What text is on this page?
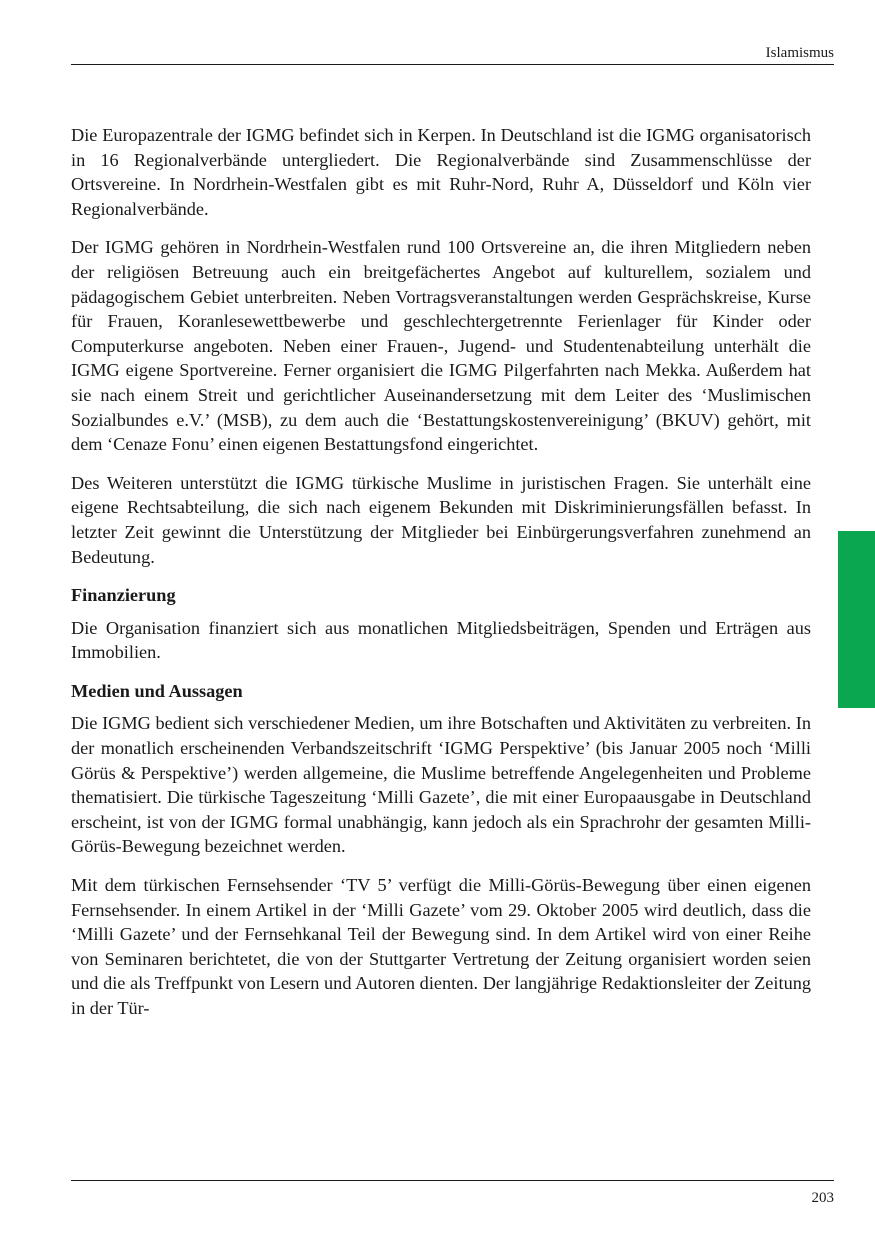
Islamismus

Die Europazentrale der IGMG befindet sich in Kerpen. In Deutschland ist die IGMG organisatorisch in 16 Regionalverbände untergliedert. Die Regionalverbände sind Zusammenschlüsse der Ortsvereine. In Nordrhein-Westfalen gibt es mit Ruhr-Nord, Ruhr A, Düsseldorf und Köln vier Regionalverbände.

Der IGMG gehören in Nordrhein-Westfalen rund 100 Ortsvereine an, die ihren Mitgliedern neben der religiösen Betreuung auch ein breitgefächertes Angebot auf kulturellem, sozialem und pädagogischem Gebiet unterbreiten. Neben Vortragsveranstaltungen werden Gesprächskreise, Kurse für Frauen, Koranlesewettbewerbe und geschlechtergetrennte Ferienlager für Kinder oder Computerkurse angeboten. Neben einer Frauen-, Jugend- und Studentenabteilung unterhält die IGMG eigene Sportvereine. Ferner organisiert die IGMG Pilgerfahrten nach Mekka. Außerdem hat sie nach einem Streit und gerichtlicher Auseinandersetzung mit dem Leiter des ‘Muslimischen Sozialbundes e.V.’ (MSB), zu dem auch die ‘Bestattungskostenvereinigung’ (BKUV) gehört, mit dem ‘Cenaze Fonu’ einen eigenen Bestattungsfond eingerichtet.

Des Weiteren unterstützt die IGMG türkische Muslime in juristischen Fragen. Sie unterhält eine eigene Rechtsabteilung, die sich nach eigenem Bekunden mit Diskriminierungsfällen befasst. In letzter Zeit gewinnt die Unterstützung der Mitglieder bei Einbürgerungsverfahren zunehmend an Bedeutung.

Finanzierung

Die Organisation finanziert sich aus monatlichen Mitgliedsbeiträgen, Spenden und Erträgen aus Immobilien.

Medien und Aussagen

Die IGMG bedient sich verschiedener Medien, um ihre Botschaften und Aktivitäten zu verbreiten. In der monatlich erscheinenden Verbandszeitschrift ‘IGMG Perspektive’ (bis Januar 2005 noch ‘Milli Görüs & Perspektive’) werden allgemeine, die Muslime betreffende Angelegenheiten und Probleme thematisiert. Die türkische Tageszeitung ‘Milli Gazete’, die mit einer Europaausgabe in Deutschland erscheint, ist von der IGMG formal unabhängig, kann jedoch als ein Sprachrohr der gesamten Milli-Görüs-Bewegung bezeichnet werden.

Mit dem türkischen Fernsehsender ‘TV 5’ verfügt die Milli-Görüs-Bewegung über einen eigenen Fernsehsender. In einem Artikel in der ‘Milli Gazete’ vom 29. Oktober 2005 wird deutlich, dass die ‘Milli Gazete’ und der Fernsehkanal Teil der Bewegung sind. In dem Artikel wird von einer Reihe von Seminaren berichtetet, die von der Stuttgarter Vertretung der Zeitung organisiert worden seien und die als Treffpunkt von Lesern und Autoren dienten. Der langjährige Redaktionsleiter der Zeitung in der Tür-

203
